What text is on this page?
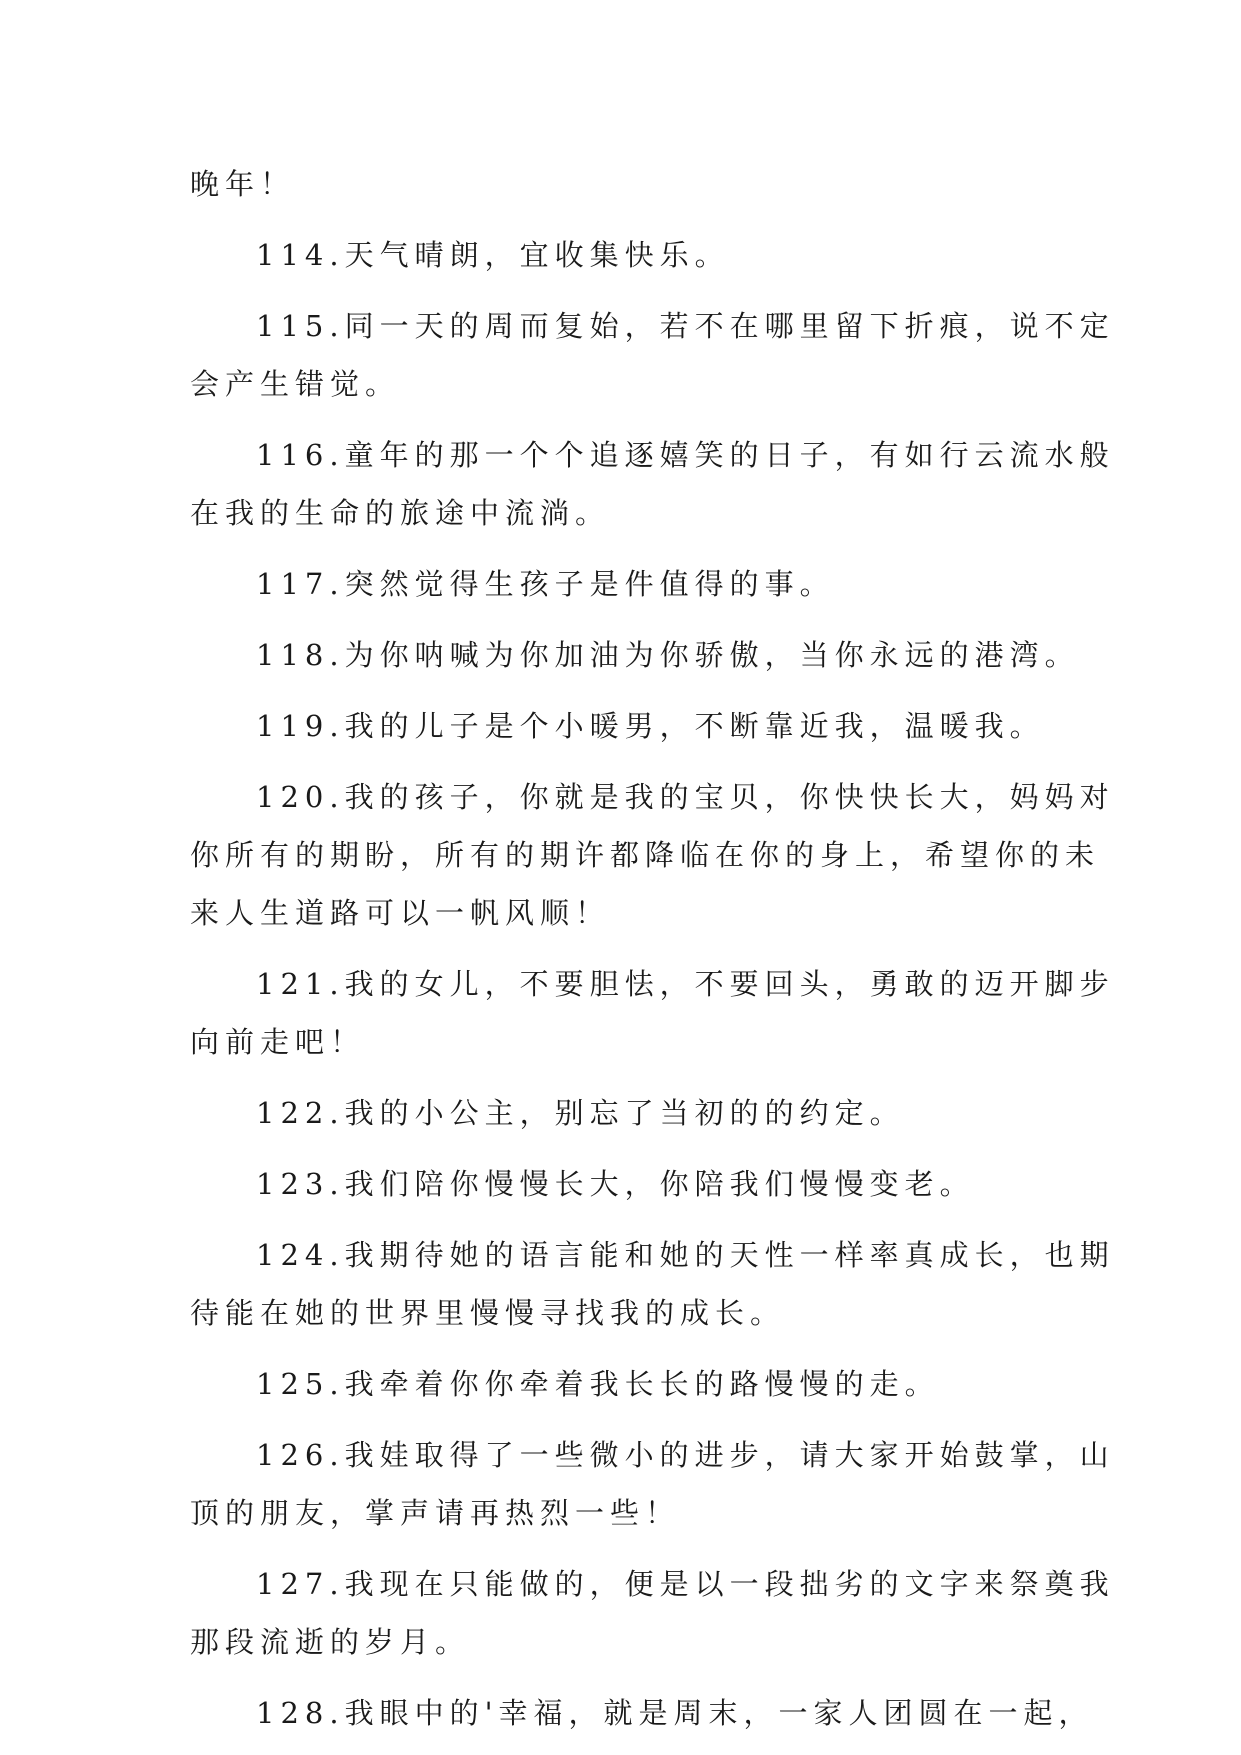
晚年！

114.天气晴朗，宜收集快乐。

115.同一天的周而复始，若不在哪里留下折痕，说不定
会产生错觉。

116.童年的那一个个追逐嬉笑的日子，有如行云流水般
在我的生命的旅途中流淌。

117.突然觉得生孩子是件值得的事。

118.为你呐喊为你加油为你骄傲，当你永远的港湾。

119.我的儿子是个小暖男，不断靠近我，温暖我。

120.我的孩子，你就是我的宝贝，你快快长大，妈妈对
你所有的期盼，所有的期许都降临在你的身上，希望你的未
来人生道路可以一帆风顺！

121.我的女儿，不要胆怯，不要回头，勇敢的迈开脚步
向前走吧！

122.我的小公主，别忘了当初的的约定。

123.我们陪你慢慢长大，你陪我们慢慢变老。

124.我期待她的语言能和她的天性一样率真成长，也期
待能在她的世界里慢慢寻找我的成长。

125.我牵着你你牵着我长长的路慢慢的走。

126.我娃取得了一些微小的进步，请大家开始鼓掌，山
顶的朋友，掌声请再热烈一些！

127.我现在只能做的，便是以一段拙劣的文字来祭奠我
那段流逝的岁月。

128.我眼中的'幸福，就是周末，一家人团圆在一起，
